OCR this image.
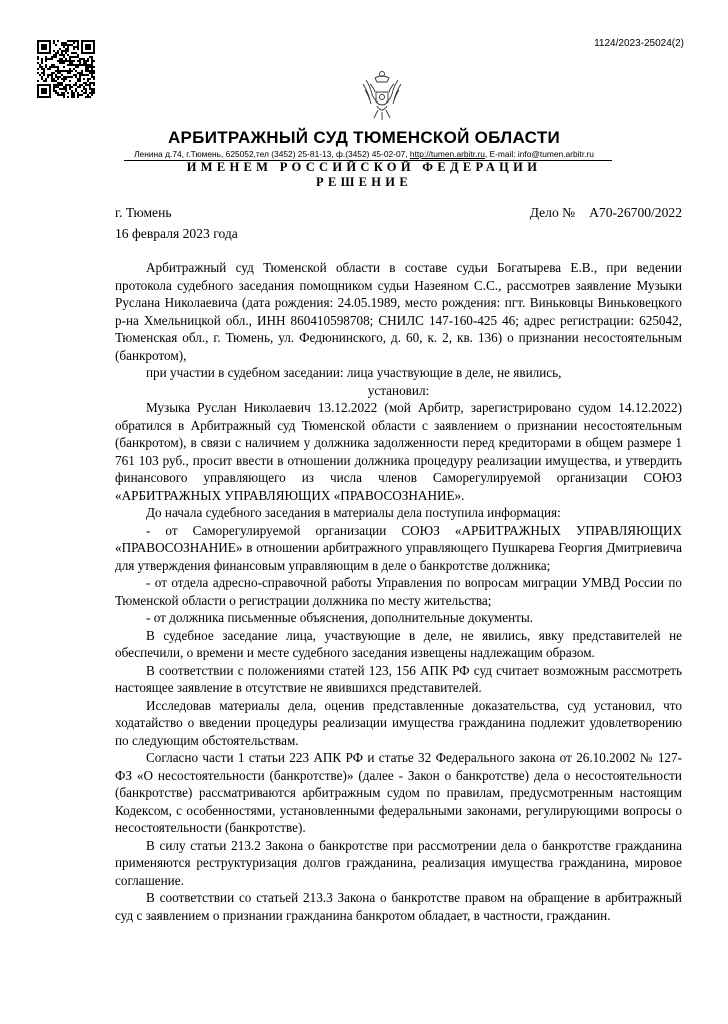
1124/2023-25024(2)
АРБИТРАЖНЫЙ СУД ТЮМЕНСКОЙ ОБЛАСТИ
Ленина д.74, г.Тюмень, 625052,тел (3452) 25-81-13, ф.(3452) 45-02-07, http://tumen.arbitr.ru, E-mail: info@tumen.arbitr.ru
ИМЕНЕМ РОССИЙСКОЙ ФЕДЕРАЦИИ
РЕШЕНИЕ
г. Тюмень
16 февраля 2023 года
Дело № А70-26700/2022

Арбитражный суд Тюменской области в составе судьи Богатырева Е.В., при ведении протокола судебного заседания помощником судьи Назеяном С.С., рассмотрев заявление Музыки Руслана Николаевича (дата рождения: 24.05.1989, место рождения: пгт. Виньковцы Виньковецкого р-на Хмельницкой обл., ИНН 860410598708; СНИЛС 147-160-425 46; адрес регистрации: 625042, Тюменская обл., г. Тюмень, ул. Федюнинского, д. 60, к. 2, кв. 136) о признании несостоятельным (банкротом),

при участии в судебном заседании: лица участвующие в деле, не явились,

установил:

Музыка Руслан Николаевич 13.12.2022 (мой Арбитр, зарегистрировано судом 14.12.2022) обратился в Арбитражный суд Тюменской области с заявлением о признании несостоятельным (банкротом), в связи с наличием у должника задолженности перед кредиторами в общем размере 1 761 103 руб., просит ввести в отношении должника процедуру реализации имущества, и утвердить финансового управляющего из числа членов Саморегулируемой организации СОЮЗ «АРБИТРАЖНЫХ УПРАВЛЯЮЩИХ «ПРАВОСОЗНАНИЕ».

До начала судебного заседания в материалы дела поступила информация:

- от Саморегулируемой организации СОЮЗ «АРБИТРАЖНЫХ УПРАВЛЯЮЩИХ «ПРАВОСОЗНАНИЕ» в отношении арбитражного управляющего Пушкарева Георгия Дмитриевича для утверждения финансовым управляющим в деле о банкротстве должника;

- от отдела адресно-справочной работы Управления по вопросам миграции УМВД России по Тюменской области о регистрации должника по месту жительства;

- от должника письменные объяснения, дополнительные документы.

В судебное заседание лица, участвующие в деле, не явились, явку представителей не обеспечили, о времени и месте судебного заседания извещены надлежащим образом.

В соответствии с положениями статей 123, 156 АПК РФ суд считает возможным рассмотреть настоящее заявление в отсутствие не явившихся представителей.

Исследовав материалы дела, оценив представленные доказательства, суд установил, что ходатайство о введении процедуры реализации имущества гражданина подлежит удовлетворению по следующим обстоятельствам.

Согласно части 1 статьи 223 АПК РФ и статье 32 Федерального закона от 26.10.2002 № 127-ФЗ «О несостоятельности (банкротстве)» (далее - Закон о банкротстве) дела о несостоятельности (банкротстве) рассматриваются арбитражным судом по правилам, предусмотренным настоящим Кодексом, с особенностями, установленными федеральными законами, регулирующими вопросы о несостоятельности (банкротстве).

В силу статьи 213.2 Закона о банкротстве при рассмотрении дела о банкротстве гражданина применяются реструктуризация долгов гражданина, реализация имущества гражданина, мировое соглашение.

В соответствии со статьей 213.3 Закона о банкротстве правом на обращение в арбитражный суд с заявлением о признании гражданина банкротом обладает, в частности, гражданин.
